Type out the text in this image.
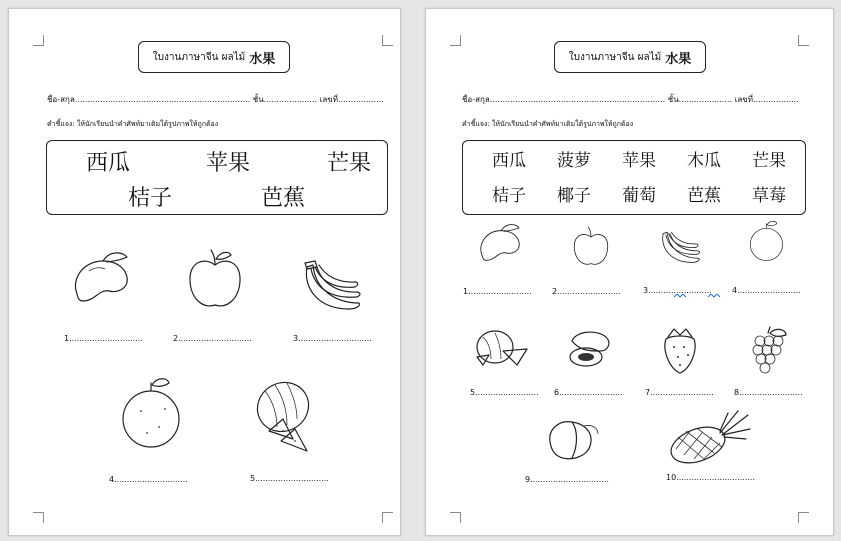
ใบงานภาษาจีน ผลไม้ 水果
ชื่อ-สกุล..................................................................... ชั้น..................... เลขที่..................
คำชี้แจง: ให้นักเรียนนำคำศัพท์มาเติมใต้รูปภาพให้ถูกต้อง
西瓜	苹果	芒果
桔子	芭蕉
1.............................	2.............................	3.............................
4.............................	5.............................
ใบงานภาษาจีน ผลไม้ 水果
ชื่อ-สกุล..................................................................... ชั้น..................... เลขที่..................
คำชี้แจง: ให้นักเรียนนำคำศัพท์มาเติมใต้รูปภาพให้ถูกต้อง
西瓜 菠萝 苹果 木瓜 芒果
桔子 椰子 葡萄 芭蕉 草莓
1.........................	2.........................	3.........................	4.........................
5......................... 6.........................	7.........................	8.........................
9...............................	10...............................
